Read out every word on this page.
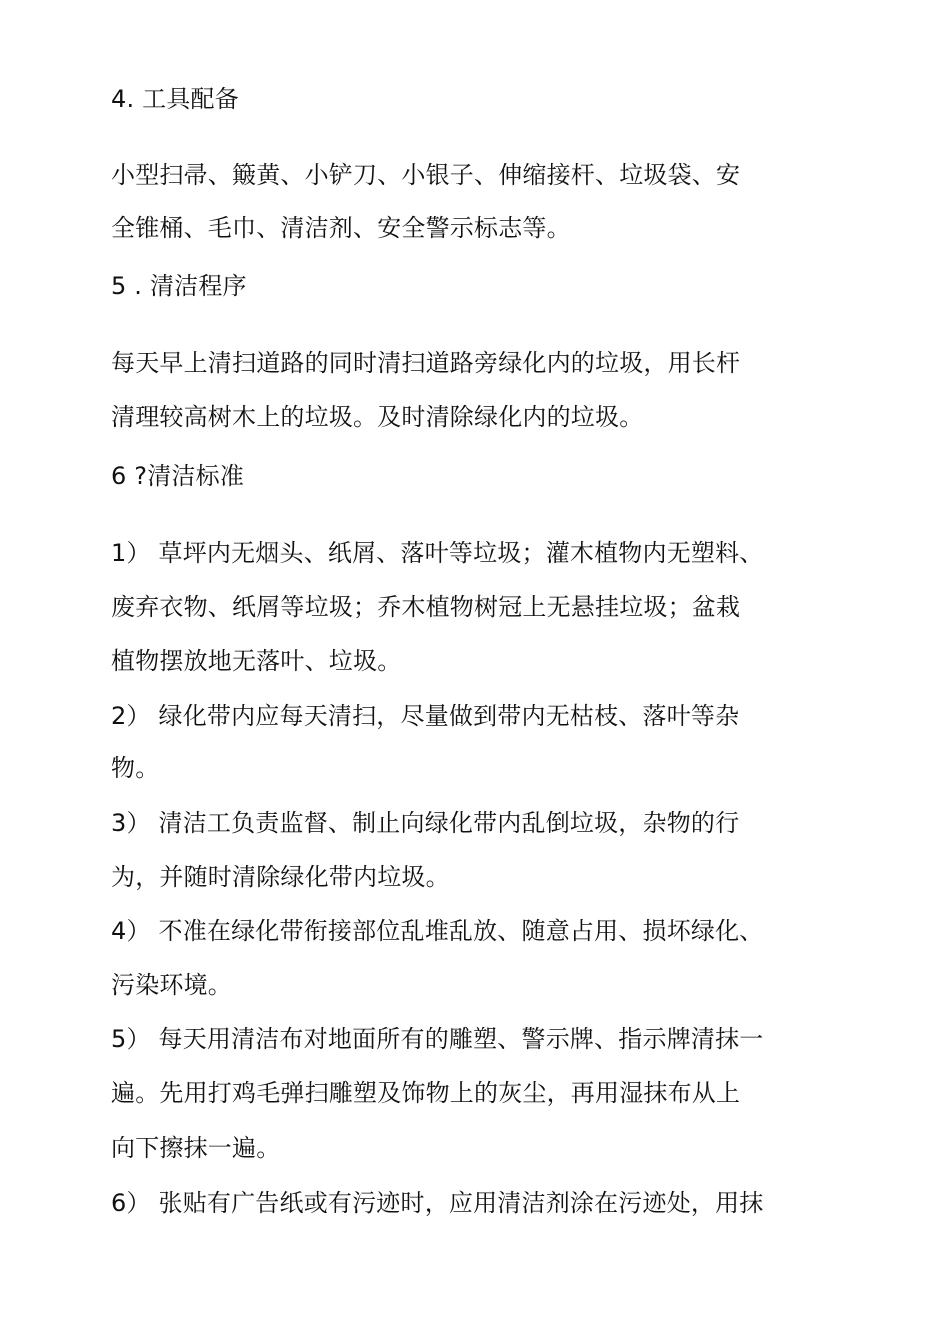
4. 工具配备
小型扫帚、簸黄、小铲刀、小银子、伸缩接杆、垃圾袋、安
全锥桶、毛巾、清洁剂、安全警示标志等。
5 . 清洁程序
每天早上清扫道路的同时清扫道路旁绿化内的垃圾，用长杆
清理较高树木上的垃圾。及时清除绿化内的垃圾。
6 ?清洁标准
1） 草坪内无烟头、纸屑、落叶等垃圾；灌木植物内无塑料、
废弃衣物、纸屑等垃圾；乔木植物树冠上无悬挂垃圾；盆栽
植物摆放地无落叶、垃圾。
2） 绿化带内应每天清扫，尽量做到带内无枯枝、落叶等杂
物。
3） 清洁工负责监督、制止向绿化带内乱倒垃圾，杂物的行
为，并随时清除绿化带内垃圾。
4） 不准在绿化带衔接部位乱堆乱放、随意占用、损坏绿化、
污染环境。
5） 每天用清洁布对地面所有的雕塑、警示牌、指示牌清抹一
遍。先用打鸡毛弹扫雕塑及饰物上的灰尘，再用湿抹布从上
向下擦抹一遍。
6） 张贴有广告纸或有污迹时，应用清洁剂涂在污迹处，用抹
